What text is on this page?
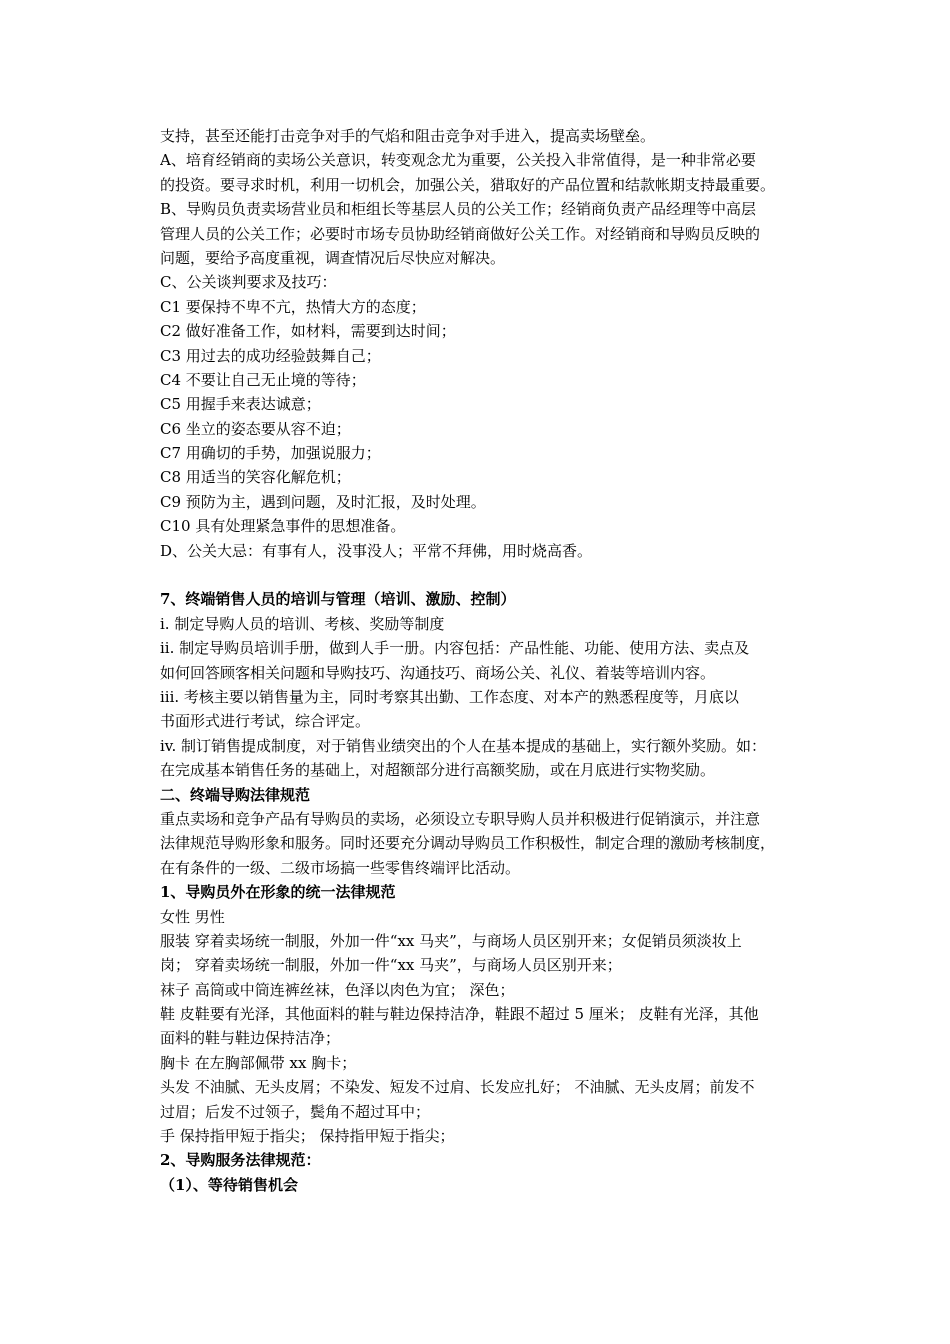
支持，甚至还能打击竞争对手的气焰和阻击竞争对手进入，提高卖场壁垒。
A、培育经销商的卖场公关意识，转变观念尤为重要，公关投入非常值得，是一种非常必要
的投资。要寻求时机，利用一切机会，加强公关，猎取好的产品位置和结款帐期支持最重要。
B、导购员负责卖场营业员和柜组长等基层人员的公关工作；经销商负责产品经理等中高层
管理人员的公关工作；必要时市场专员协助经销商做好公关工作。对经销商和导购员反映的
问题，要给予高度重视，调查情况后尽快应对解决。
C、公关谈判要求及技巧：
C1 要保持不卑不亢，热情大方的态度；
C2 做好准备工作，如材料，需要到达时间；
C3 用过去的成功经验鼓舞自己；
C4 不要让自己无止境的等待；
C5 用握手来表达诚意；
C6 坐立的姿态要从容不迫；
C7 用确切的手势，加强说服力；
C8 用适当的笑容化解危机；
C9 预防为主，遇到问题，及时汇报，及时处理。
C10 具有处理紧急事件的思想准备。
D、公关大忌：有事有人，没事没人；平常不拜佛，用时烧高香。
7、终端销售人员的培训与管理（培训、激励、控制）
i. 制定导购人员的培训、考核、奖励等制度
ii. 制定导购员培训手册，做到人手一册。内容包括：产品性能、功能、使用方法、卖点及
如何回答顾客相关问题和导购技巧、沟通技巧、商场公关、礼仪、着装等培训内容。
iii. 考核主要以销售量为主，同时考察其出勤、工作态度、对本产的熟悉程度等，月底以
书面形式进行考试，综合评定。
iv. 制订销售提成制度，对于销售业绩突出的个人在基本提成的基础上，实行额外奖励。如：
在完成基本销售任务的基础上，对超额部分进行高额奖励，或在月底进行实物奖励。
二、终端导购法律规范
重点卖场和竞争产品有导购员的卖场，必须设立专职导购人员并积极进行促销演示，并注意
法律规范导购形象和服务。同时还要充分调动导购员工作积极性，制定合理的激励考核制度，
在有条件的一级、二级市场搞一些零售终端评比活动。
1、导购员外在形象的统一法律规范
女性 男性
服装 穿着卖场统一制服，外加一件“xx 马夹”，与商场人员区别开来；女促销员须淡妆上
岗； 穿着卖场统一制服，外加一件“xx 马夹”，与商场人员区别开来；
袜子 高筒或中筒连裤丝袜，色泽以肉色为宜； 深色；
鞋 皮鞋要有光泽，其他面料的鞋与鞋边保持洁净，鞋跟不超过 5 厘米； 皮鞋有光泽，其他
面料的鞋与鞋边保持洁净；
胸卡 在左胸部佩带 xx 胸卡；
头发 不油腻、无头皮屑；不染发、短发不过肩、长发应扎好； 不油腻、无头皮屑；前发不
过眉；后发不过领子，鬓角不超过耳中；
手 保持指甲短于指尖； 保持指甲短于指尖；
2、导购服务法律规范：
（1）、等待销售机会
